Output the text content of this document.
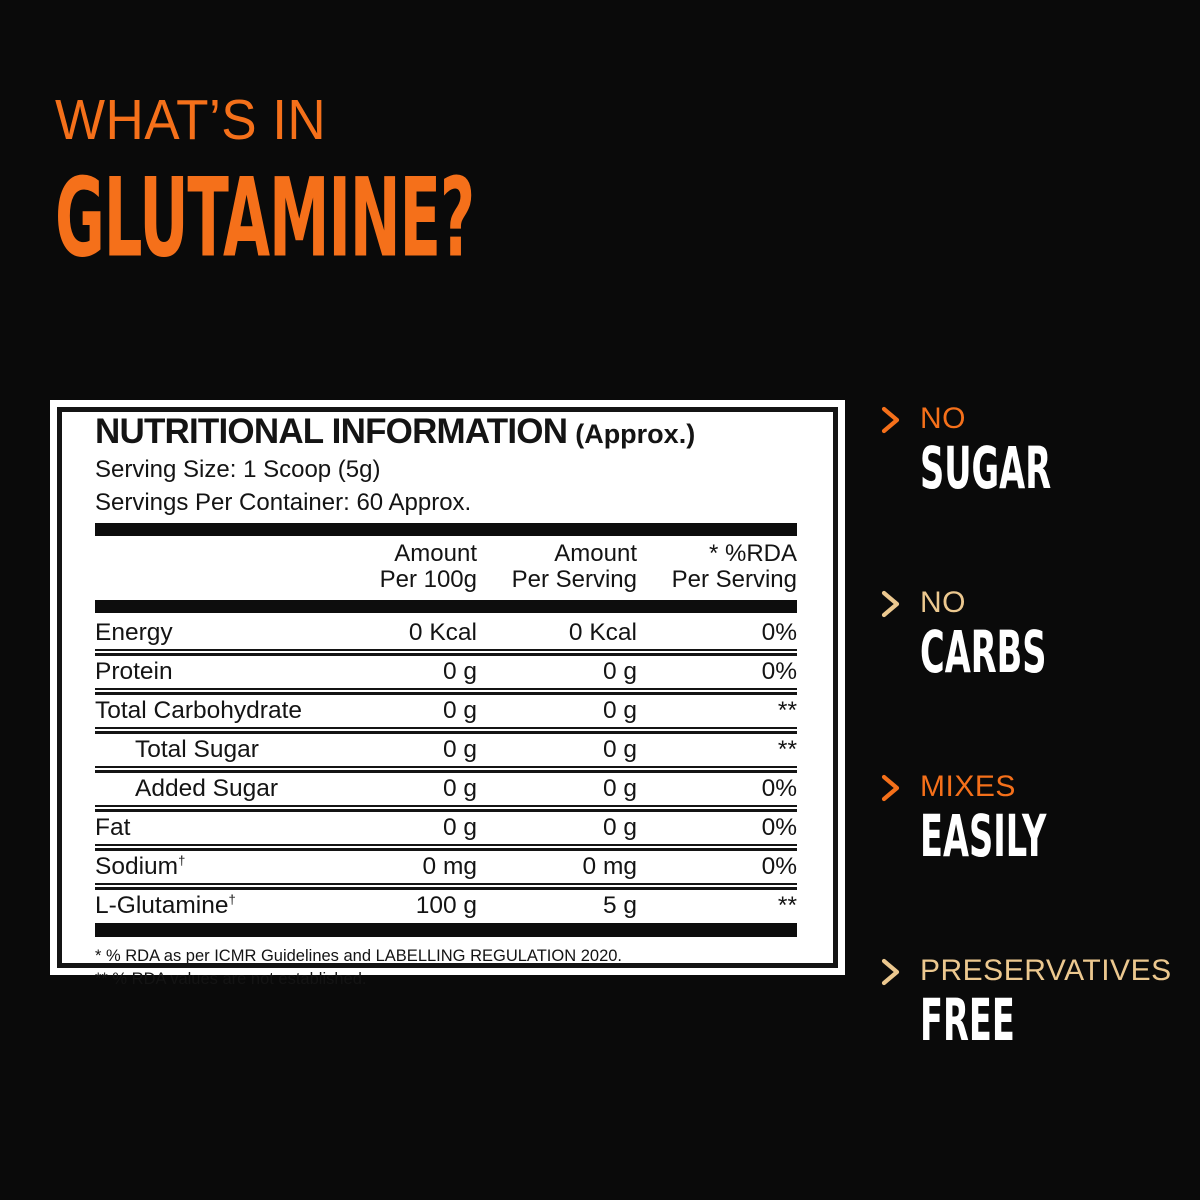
WHAT’S IN
GLUTAMINE?
NUTRITIONAL INFORMATION (Approx.)
Serving Size: 1 Scoop (5g)
Servings Per Container: 60 Approx.
Amount
Per 100g
Amount
Per Serving
* %RDA
Per Serving
Energy	0 Kcal	0 Kcal	0%
Protein	0 g	0 g	0%
Total Carbohydrate	0 g	0 g	**
Total Sugar	0 g	0 g	**
Added Sugar	0 g	0 g	0%
Fat	0 g	0 g	0%
Sodium†	0 mg	0 mg	0%
L-Glutamine†	100 g	5 g	**
* % RDA as per ICMR Guidelines and LABELLING REGULATION 2020.
** % RDA values are not established.
NO
SUGAR
NO
CARBS
MIXES
EASILY
PRESERVATIVES
FREE
